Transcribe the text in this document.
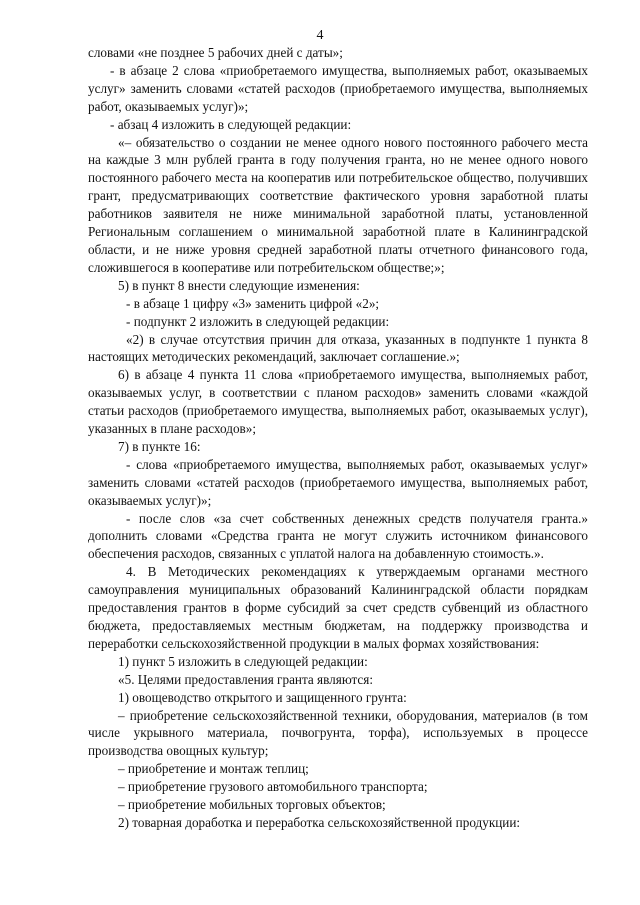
4

словами «не позднее 5 рабочих дней с даты»;

- в абзаце 2 слова «приобретаемого имущества, выполняемых работ, оказываемых услуг» заменить словами «статей расходов (приобретаемого имущества, выполняемых работ, оказываемых услуг)»;

- абзац 4 изложить в следующей редакции:

«– обязательство о создании не менее одного нового постоянного рабочего места на каждые 3 млн рублей гранта в году получения гранта, но не менее одного нового постоянного рабочего места на кооператив или потребительское общество, получивших грант, предусматривающих соответствие фактического уровня заработной платы работников заявителя не ниже минимальной заработной платы, установленной Региональным соглашением о минимальной заработной плате в Калининградской области, и не ниже уровня средней заработной платы отчетного финансового года, сложившегося в кооперативе или потребительском обществе;»;

5) в пункт 8 внести следующие изменения:

- в абзаце 1 цифру «3» заменить цифрой «2»;

- подпункт 2 изложить в следующей редакции:

«2) в случае отсутствия причин для отказа, указанных в подпункте 1 пункта 8 настоящих методических рекомендаций, заключает соглашение.»;

6) в абзаце 4 пункта 11 слова «приобретаемого имущества, выполняемых работ, оказываемых услуг, в соответствии с планом расходов» заменить словами «каждой статьи расходов (приобретаемого имущества, выполняемых работ, оказываемых услуг), указанных в плане расходов»;

7) в пункте 16:

- слова «приобретаемого имущества, выполняемых работ, оказываемых услуг» заменить словами «статей расходов (приобретаемого имущества, выполняемых работ, оказываемых услуг)»;

- после слов «за счет собственных денежных средств получателя гранта.» дополнить словами «Средства гранта не могут служить источником финансового обеспечения расходов, связанных с уплатой налога на добавленную стоимость.».

4. В Методических рекомендациях к утверждаемым органами местного самоуправления муниципальных образований Калининградской области порядкам предоставления грантов в форме субсидий за счет средств субвенций из областного бюджета, предоставляемых местным бюджетам, на поддержку производства и переработки сельскохозяйственной продукции в малых формах хозяйствования:

1) пункт 5 изложить в следующей редакции:

«5. Целями предоставления гранта являются:

1) овощеводство открытого и защищенного грунта:

– приобретение сельскохозяйственной техники, оборудования, материалов (в том числе укрывного материала, почвогрунта, торфа), используемых в процессе производства овощных культур;

– приобретение и монтаж теплиц;

– приобретение грузового автомобильного транспорта;

– приобретение мобильных торговых объектов;

2) товарная доработка и переработка сельскохозяйственной продукции:
